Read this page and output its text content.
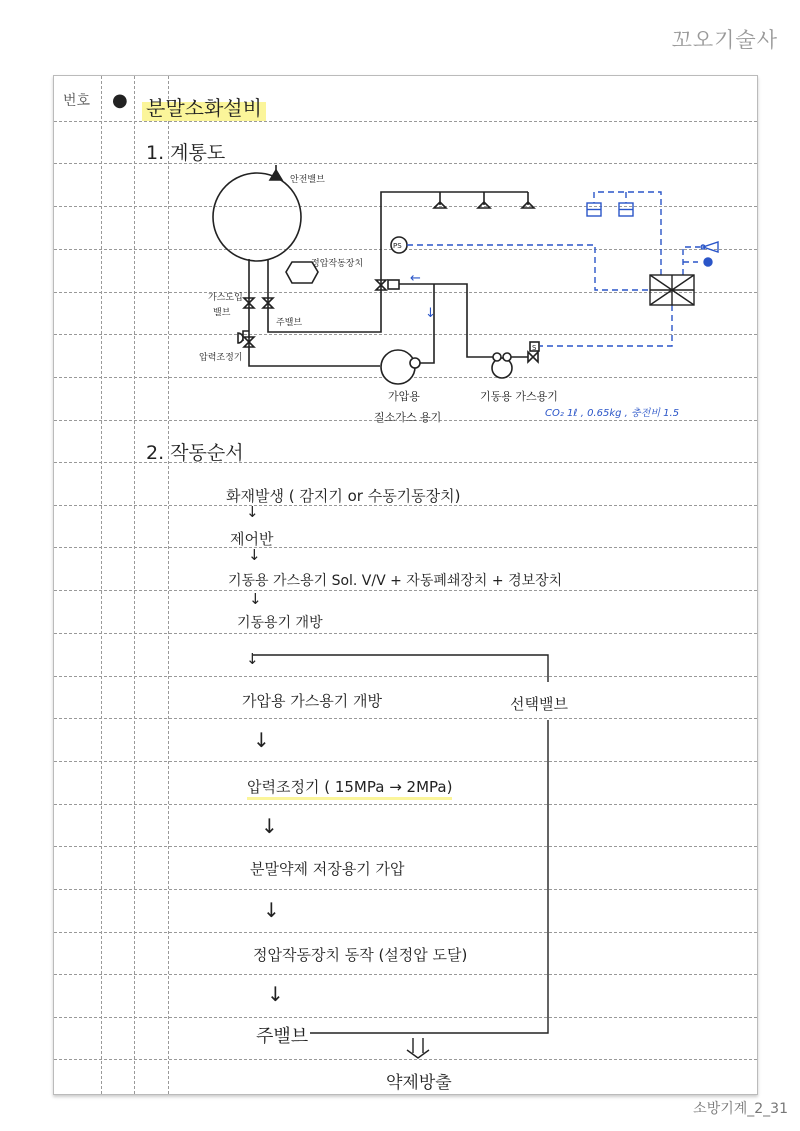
꼬오기술사
번호 ● 분말소화설비
1. 계통도
2. 작동순서
안전밸브
정압작동장치
가스도입
밸브
주밸브
압력조정기
PS
S
가압용
질소가스 용기
기동용 가스용기
CO₂ 1ℓ , 0.65kg , 충전비 1.5
←
↓
화재발생 ( 감지기 or 수동기동장치)
↓
제어반
↓
기동용 가스용기 Sol. V/V + 자동폐쇄장치 + 경보장치
↓
기동용기 개방
↓
가압용 가스용기 개방	선택밸브
↓
압력조정기 ( 15MPa → 2MPa)
↓
분말약제 저장용기 가압
↓
정압작동장치 동작 (설정압 도달)
↓
주밸브
약제방출
소방기계_2_31
